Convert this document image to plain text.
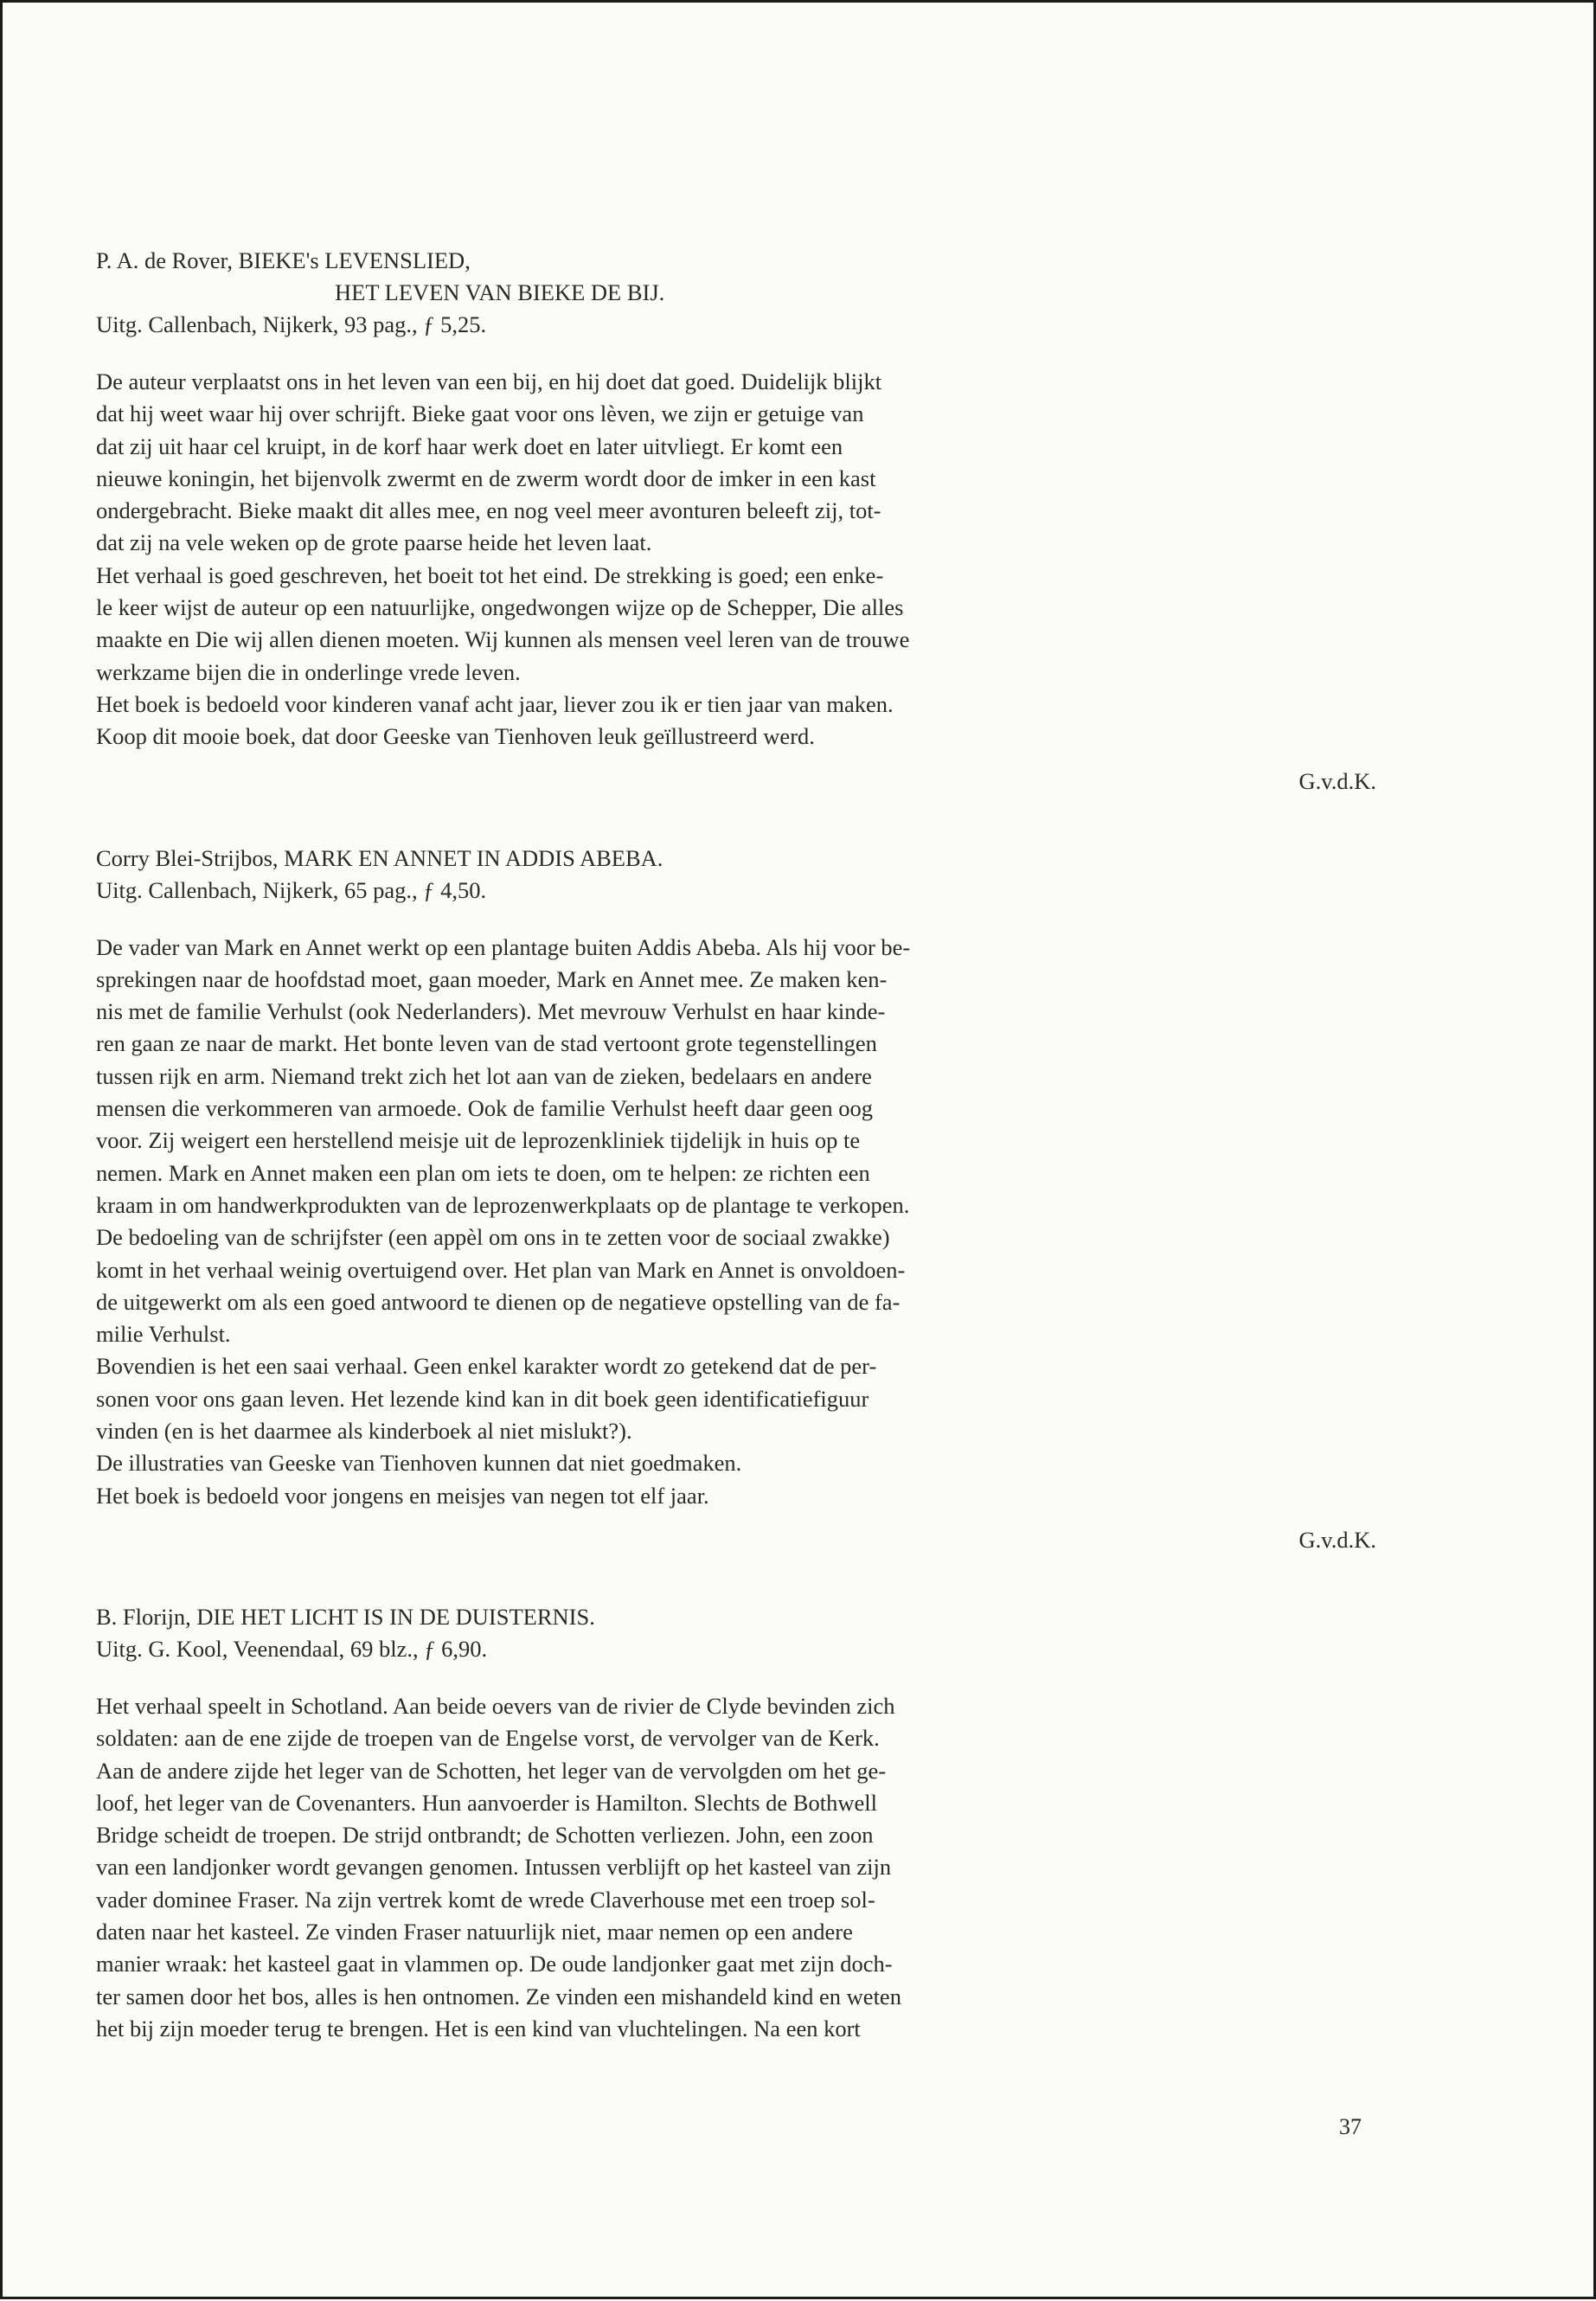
P. A. de Rover, BIEKE's LEVENSLIED,

HET LEVEN VAN BIEKE DE BIJ.

Uitg. Callenbach, Nijkerk, 93 pag., ƒ 5,25.

De auteur verplaatst ons in het leven van een bij, en hij doet dat goed. Duidelijk blijkt

dat hij weet waar hij over schrijft. Bieke gaat voor ons lèven, we zijn er getuige van

dat zij uit haar cel kruipt, in de korf haar werk doet en later uitvliegt. Er komt een

nieuwe koningin, het bijenvolk zwermt en de zwerm wordt door de imker in een kast

ondergebracht. Bieke maakt dit alles mee, en nog veel meer avonturen beleeft zij, tot-

dat zij na vele weken op de grote paarse heide het leven laat.

Het verhaal is goed geschreven, het boeit tot het eind. De strekking is goed; een enke-

le keer wijst de auteur op een natuurlijke, ongedwongen wijze op de Schepper, Die alles

maakte en Die wij allen dienen moeten. Wij kunnen als mensen veel leren van de trouwe

werkzame bijen die in onderlinge vrede leven.

Het boek is bedoeld voor kinderen vanaf acht jaar, liever zou ik er tien jaar van maken.

Koop dit mooie boek, dat door Geeske van Tienhoven leuk geïllustreerd werd.

G.v.d.K.

Corry Blei-Strijbos, MARK EN ANNET IN ADDIS ABEBA.

Uitg. Callenbach, Nijkerk, 65 pag., ƒ 4,50.

De vader van Mark en Annet werkt op een plantage buiten Addis Abeba. Als hij voor be-

sprekingen naar de hoofdstad moet, gaan moeder, Mark en Annet mee. Ze maken ken-

nis met de familie Verhulst (ook Nederlanders). Met mevrouw Verhulst en haar kinde-

ren gaan ze naar de markt. Het bonte leven van de stad vertoont grote tegenstellingen

tussen rijk en arm. Niemand trekt zich het lot aan van de zieken, bedelaars en andere

mensen die verkommeren van armoede. Ook de familie Verhulst heeft daar geen oog

voor. Zij weigert een herstellend meisje uit de leprozenkliniek tijdelijk in huis op te

nemen. Mark en Annet maken een plan om iets te doen, om te helpen: ze richten een

kraam in om handwerkprodukten van de leprozenwerkplaats op de plantage te verkopen.

De bedoeling van de schrijfster (een appèl om ons in te zetten voor de sociaal zwakke)

komt in het verhaal weinig overtuigend over. Het plan van Mark en Annet is onvoldoen-

de uitgewerkt om als een goed antwoord te dienen op de negatieve opstelling van de fa-

milie Verhulst.

Bovendien is het een saai verhaal. Geen enkel karakter wordt zo getekend dat de per-

sonen voor ons gaan leven. Het lezende kind kan in dit boek geen identificatiefiguur

vinden (en is het daarmee als kinderboek al niet mislukt?).

De illustraties van Geeske van Tienhoven kunnen dat niet goedmaken.

Het boek is bedoeld voor jongens en meisjes van negen tot elf jaar.

G.v.d.K.

B. Florijn, DIE HET LICHT IS IN DE DUISTERNIS.

Uitg. G. Kool, Veenendaal, 69 blz., ƒ 6,90.

Het verhaal speelt in Schotland. Aan beide oevers van de rivier de Clyde bevinden zich

soldaten: aan de ene zijde de troepen van de Engelse vorst, de vervolger van de Kerk.

Aan de andere zijde het leger van de Schotten, het leger van de vervolgden om het ge-

loof, het leger van de Covenanters. Hun aanvoerder is Hamilton. Slechts de Bothwell

Bridge scheidt de troepen. De strijd ontbrandt; de Schotten verliezen. John, een zoon

van een landjonker wordt gevangen genomen. Intussen verblijft op het kasteel van zijn

vader dominee Fraser. Na zijn vertrek komt de wrede Claverhouse met een troep sol-

daten naar het kasteel. Ze vinden Fraser natuurlijk niet, maar nemen op een andere

manier wraak: het kasteel gaat in vlammen op. De oude landjonker gaat met zijn doch-

ter samen door het bos, alles is hen ontnomen. Ze vinden een mishandeld kind en weten

het bij zijn moeder terug te brengen. Het is een kind van vluchtelingen. Na een kort

37
